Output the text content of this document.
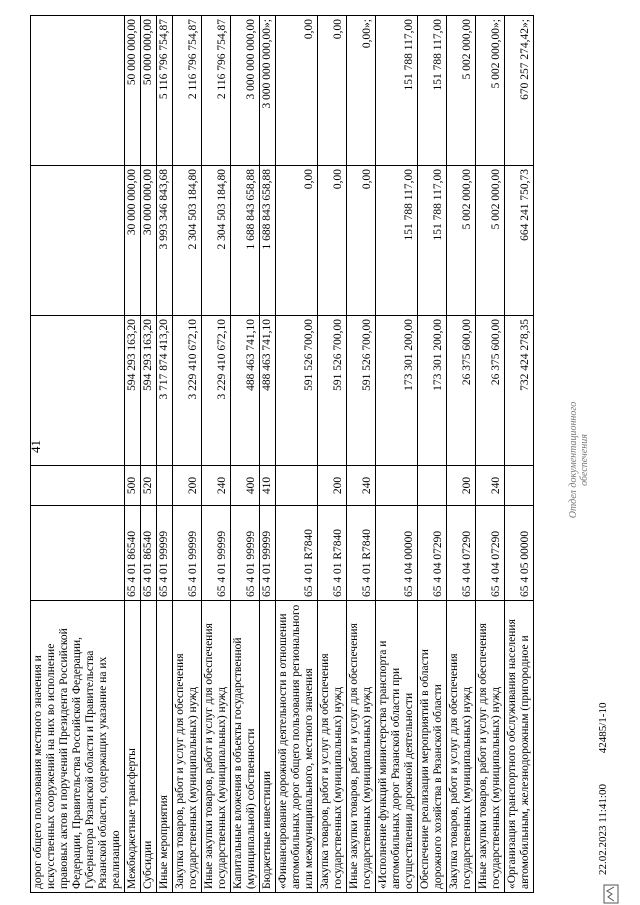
41
дорог общего пользования местного значения и искусственных сооружений на них во исполнение правовых актов и поручений Президента Российской Федерации, Правительства Российской Федерации, Губернатора Рязанской области и Правительства Рязанской области, содержащих указание на их реализацию					
Межбюджетные трансферты	65 4 01 86540	500	594 293 163,20	30 000 000,00	50 000 000,00
Субсидии	65 4 01 86540	520	594 293 163,20	30 000 000,00	50 000 000,00
Иные мероприятия	65 4 01 99999		3 717 874 413,20	3 993 346 843,68	5 116 796 754,87
Закупка товаров, работ и услуг для обеспечения государственных (муниципальных) нужд	65 4 01 99999	200	3 229 410 672,10	2 304 503 184,80	2 116 796 754,87
Иные закупки товаров, работ и услуг для обеспечения государственных (муниципальных) нужд	65 4 01 99999	240	3 229 410 672,10	2 304 503 184,80	2 116 796 754,87
Капитальные вложения в объекты государственной (муниципальной) собственности	65 4 01 99999	400	488 463 741,10	1 688 843 658,88	3 000 000 000,00
Бюджетные инвестиции	65 4 01 99999	410	488 463 741,10	1 688 843 658,88	3 000 000 000,00»;
«Финансирование дорожной деятельности в отношении автомобильных дорог общего пользования регионального или межмуниципального, местного значения	65 4 01 R7840		591 526 700,00	0,00	0,00
Закупка товаров, работ и услуг для обеспечения государственных (муниципальных) нужд	65 4 01 R7840	200	591 526 700,00	0,00	0,00
Иные закупки товаров, работ и услуг для обеспечения государственных (муниципальных) нужд	65 4 01 R7840	240	591 526 700,00	0,00	0,00»;
«Исполнение функций министерства транспорта и автомобильных дорог Рязанской области при осуществлении дорожной деятельности	65 4 04 00000		173 301 200,00	151 788 117,00	151 788 117,00
Обеспечение реализации мероприятий в области дорожного хозяйства в Рязанской области	65 4 04 07290		173 301 200,00	151 788 117,00	151 788 117,00
Закупка товаров, работ и услуг для обеспечения государственных (муниципальных) нужд	65 4 04 07290	200	26 375 600,00	5 002 000,00	5 002 000,00
Иные закупки товаров, работ и услуг для обеспечения государственных (муниципальных) нужд	65 4 04 07290	240	26 375 600,00	5 002 000,00	5 002 000,00»;
«Организация транспортного обслуживания населения автомобильным, железнодорожным (пригородное и	65 4 05 00000		732 424 278,35	664 241 750,73	670 257 274,42»;
22.02.2023 11:41:00 42485/1-10
Отдел документационного обеспечения
